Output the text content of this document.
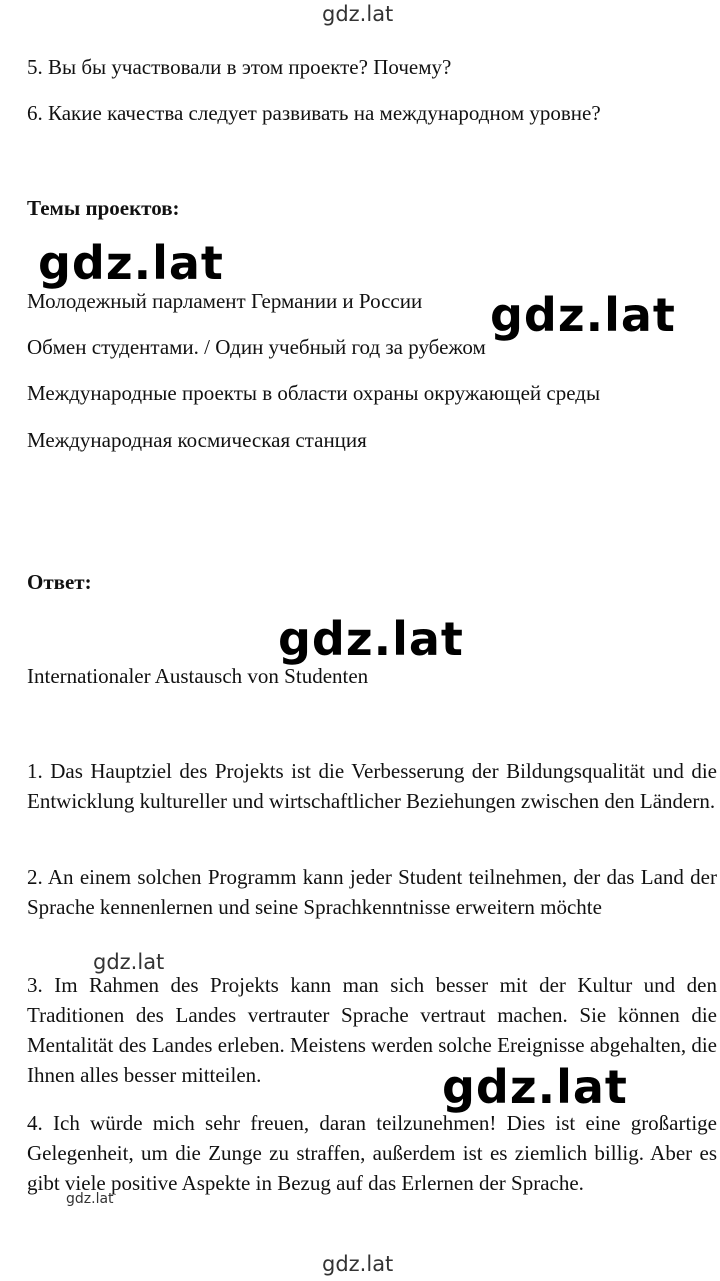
gdz.lat

5. Вы бы участвовали в этом проекте? Почему?

6. Какие качества следует развивать на международном уровне?

Темы проектов:

gdz.lat

Молодежный парламент Германии и России gdz.lat

Обмен студентами. / Один учебный год за рубежом

Международные проекты в области охраны окружающей среды

Международная космическая станция

Ответ:

gdz.lat

Internationaler Austausch von Studenten

1. Das Hauptziel des Projekts ist die Verbesserung der Bildungsqualität und die Entwicklung kultureller und wirtschaftlicher Beziehungen zwischen den Ländern.

2. An einem solchen Programm kann jeder Student teilnehmen, der das Land der Sprache kennenlernen und seine Sprachkenntnisse erweitern möchte

gdz.lat

3. Im Rahmen des Projekts kann man sich besser mit der Kultur und den Traditionen des Landes vertrauter Sprache vertraut machen. Sie können die Mentalität des Landes erleben. Meistens werden solche Ereignisse abgehalten, die Ihnen alles besser mitteilen.	gdz.lat

4. Ich würde mich sehr freuen, daran teilzunehmen! Dies ist eine großartige Gelegenheit, um die Zunge zu straffen, außerdem ist es ziemlich billig. Aber es gibt viele positive Aspekte in Bezug auf das Erlernen der Sprache.

gdz.lat
gdz.lat
